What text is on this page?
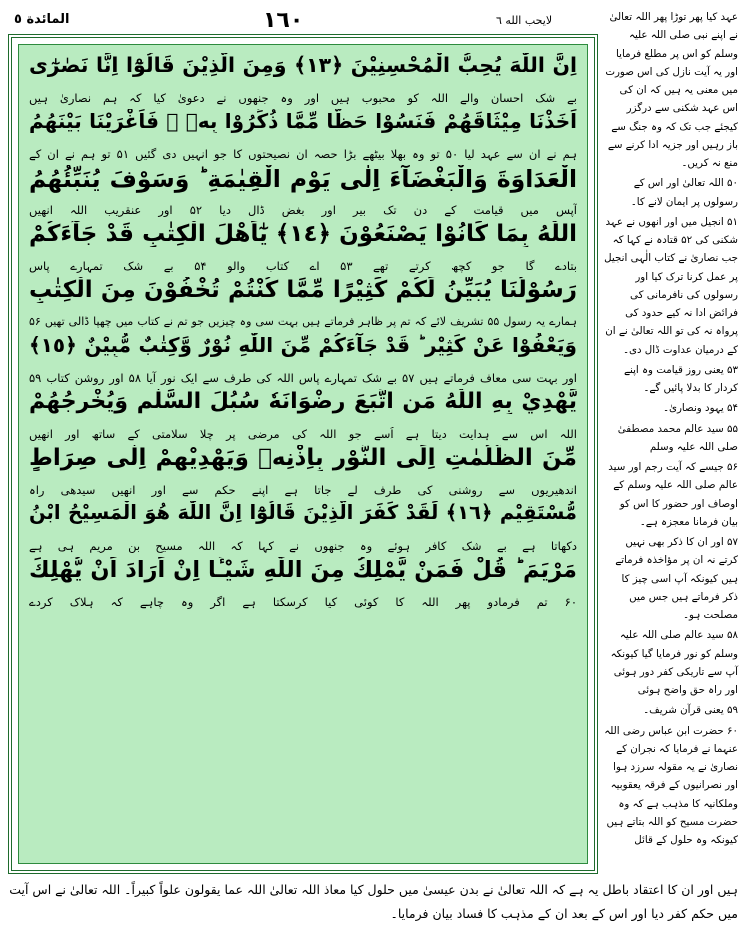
المائدة ٥	١٦٠	لايحب الله ٦
اِنَّ اللّٰهَ يُحِبُّ الْمُحْسِنِيْنَ ﴿١٣﴾ وَمِنَ الَّذِيْنَ قَالُوْٓا اِنَّا نَصٰرٰٓى
بے شک احسان والے اللہ کو محبوب ہیں اور وہ جنھوں نے دعویٰ کیا کہ ہم نصاریٰ ہیں
اَخَذْنَا مِيْثَاقَهُمْ فَنَسُوْا حَظًّا مِّمَّا ذُكِّرُوْا بِهٖ ۪ فَاَغْرَيْنَا بَيْنَهُمُ
ہم نے ان سے عہد لیا ۵۰ تو وہ بھلا بیٹھے بڑا حصہ ان نصیحتوں کا جو انہیں دی گئیں ۵۱ تو ہم نے ان کے
الْعَدَاوَةَ وَالْبَغْضَآءَ اِلٰى يَوْمِ الْقِيٰمَةِ ؕ وَسَوْفَ يُنَبِّئُهُمُ
آپس میں قیامت کے دن تک بیر اور بغض ڈال دیا ۵۲ اور عنقریب اللہ انھیں
اللّٰهُ بِمَا كَانُوْا يَصْنَعُوْنَ ﴿١٤﴾ يٰٓاَهْلَ الْكِتٰبِ قَدْ جَآءَكُمْ
بتادے گا جو کچھ کرتے تھے ۵۳ اے کتاب والو ۵۴ بے شک تمہارے پاس
رَسُوْلُنَا يُبَيِّنُ لَكُمْ كَثِيْرًا مِّمَّا كُنْتُمْ تُخْفُوْنَ مِنَ الْكِتٰبِ
ہمارے یہ رسول ۵۵ تشریف لائے کہ تم پر ظاہر فرماتے ہیں بہت سی وہ چیزیں جو تم نے کتاب میں چھپا ڈالی تھیں ۵۶
وَيَعْفُوْا عَنْ كَثِيْرٍ ؕ قَدْ جَآءَكُمْ مِّنَ اللّٰهِ نُوْرٌ وَّكِتٰبٌ مُّبِيْنٌ ﴿١٥﴾
اور بہت سی معاف فرماتے ہیں ۵۷ بے شک تمہارے پاس اللہ کی طرف سے ایک نور آیا ۵۸ اور روشن کتاب ۵۹
يَّهْدِيْ بِهِ اللّٰهُ مَنِ اتَّبَعَ رِضْوَانَهٗ سُبُلَ السَّلٰمِ وَيُخْرِجُهُمْ
اللہ اس سے ہدایت دیتا ہے اُسے جو اللہ کی مرضی پر چلا سلامتی کے ساتھ اور انھیں
مِّنَ الظُّلُمٰتِ اِلَى النُّوْرِ بِاِذْنِهٖ وَيَهْدِيْهِمْ اِلٰى صِرَاطٍ
اندھیریوں سے روشنی کی طرف لے جاتا ہے اپنے حکم سے اور انھیں سیدھی راہ
مُّسْتَقِيْمٍ ﴿١٦﴾ لَقَدْ كَفَرَ الَّذِيْنَ قَالُوْٓا اِنَّ اللّٰهَ هُوَ الْمَسِيْحُ ابْنُ
دکھاتا ہے بے شک کافر ہوئے وہ جنھوں نے کہا کہ اللہ مسیح بن مریم ہی ہے
مَرْيَمَ ؕ قُلْ فَمَنْ يَّمْلِكُ مِنَ اللّٰهِ شَيْـًٔا اِنْ اَرَادَ اَنْ يُّهْلِكَ
۶۰ تم فرمادو پھر اللہ کا کوئی کیا کرسکتا ہے اگر وہ چاہے کہ ہلاک کردے

عہد کیا پھر توڑا پھر اللہ تعالیٰ نے اپنے نبی صلی اللہ علیہ وسلم کو اس پر مطلع فرمایا اور یہ آیت نازل کی اس صورت میں معنی یہ ہیں کہ ان کی اس عہد شکنی سے درگزر کیجئے جب تک کہ وہ جنگ سے باز رہیں اور جزیہ ادا کرنے سے منع نہ کریں۔

۵۰ اللہ تعالیٰ اور اس کے رسولوں پر ایمان لانے کا۔

۵۱ انجیل میں اور انھوں نے عہد شکنی کی ۵۲ قتادہ نے کہا کہ جب نصاریٰ نے کتاب الٰہی انجیل پر عمل کرنا ترک کیا اور رسولوں کی نافرمانی کی فرائض ادا نہ کیے حدود کی پرواہ نہ کی تو اللہ تعالیٰ نے ان کے درمیان عداوت ڈال دی۔

۵۳ یعنی روز قیامت وہ اپنے کردار کا بدلا پائیں گے۔

۵۴ یہود ونصاریٰ۔

۵۵ سید عالم محمد مصطفیٰ صلی اللہ علیہ وسلم

۵۶ جیسے کہ آیت رجم اور سید عالم صلی اللہ علیہ وسلم کے اوصاف اور حضور کا اس کو بیان فرمانا معجزہ ہے۔

۵۷ اور ان کا ذکر بھی نہیں کرتے نہ ان پر مؤاخذہ فرماتے ہیں کیونکہ آپ اسی چیز کا ذکر فرماتے ہیں جس میں مصلحت ہو۔

۵۸ سید عالم صلی اللہ علیہ وسلم کو نور فرمایا گیا کیونکہ آپ سے تاریکی کفر دور ہوئی اور راہ حق واضح ہوئی

۵۹ یعنی قرآن شریف۔

۶۰ حضرت ابن عباس رضی اللہ عنہما نے فرمایا کہ نجران کے نصاریٰ نے یہ مقولہ سرزد ہوا اور نصرانیوں کے فرقہ یعقوبیہ وملکانیہ کا مذہب ہے کہ وہ حضرت مسیح کو اللہ بتاتے ہیں کیونکہ وہ حلول کے قائل

ہیں اور ان کا اعتقاد باطل یہ ہے کہ اللہ تعالیٰ نے بدن عیسیٰ میں حلول کیا معاذ اللہ تعالیٰ اللہ عما یقولون علواً کبیراً۔ اللہ تعالیٰ نے اس آیت میں حکم کفر دیا اور اس کے بعد ان کے مذہب کا فساد بیان فرمایا۔
